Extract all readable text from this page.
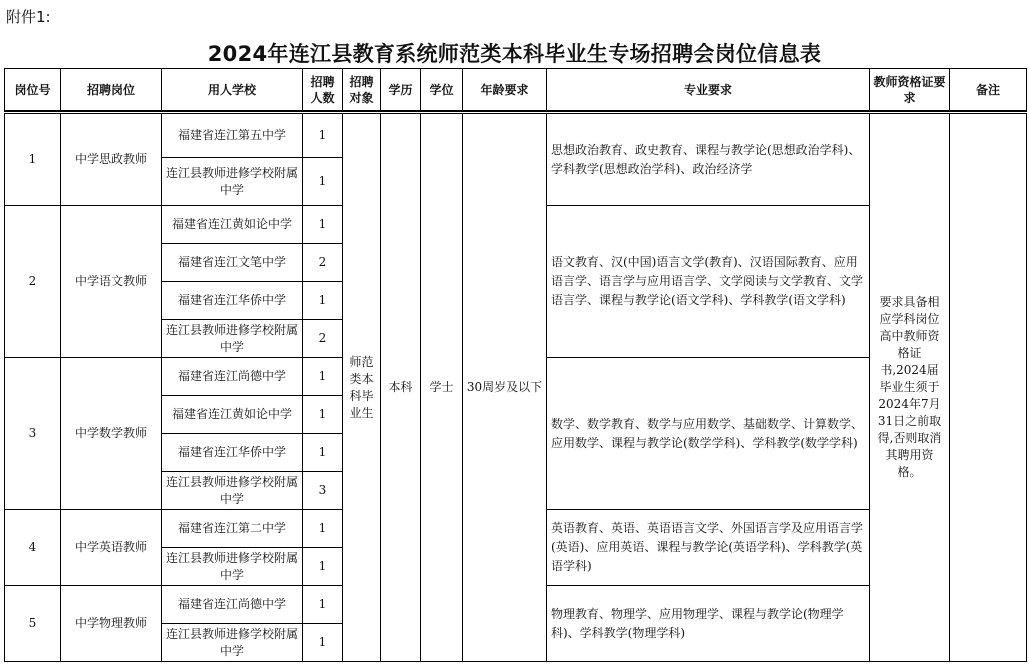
附件1:
2024年连江县教育系统师范类本科毕业生专场招聘会岗位信息表
岗位号	招聘岗位	用人学校	招聘人数	招聘对象	学历	学位	年龄要求	专业要求	教师资格证要求	备注

1	中学思政教师	福建省连江第五中学	1	师范类本科毕业生	本科	学士	30周岁及以下	思想政治教育、政史教育、课程与教学论(思想政治学科)、学科教学(思想政治学科)、政治经济学	要求具备相应学科岗位高中教师资格证书,2024届毕业生须于2024年7月31日之前取得,否则取消其聘用资格。	
		连江县教师进修学校附属中学	1							
2	中学语文教师	福建省连江黄如论中学	1					语文教育、汉(中国)语言文学(教育)、汉语国际教育、应用语言学、语言学与应用语言学、文学阅读与文学教育、文学语言学、课程与教学论(语文学科)、学科教学(语文学科)		
		福建省连江文笔中学	2							
		福建省连江华侨中学	1							
		连江县教师进修学校附属中学	2							
3	中学数学教师	福建省连江尚德中学	1					数学、数学教育、数学与应用数学、基础数学、计算数学、应用数学、课程与教学论(数学学科)、学科教学(数学学科)		
		福建省连江黄如论中学	1							
		福建省连江华侨中学	1							
		连江县教师进修学校附属中学	3							
4	中学英语教师	福建省连江第二中学	1					英语教育、英语、英语语言文学、外国语言学及应用语言学(英语)、应用英语、课程与教学论(英语学科)、学科教学(英语学科)		
		连江县教师进修学校附属中学	1							
5	中学物理教师	福建省连江尚德中学	1					物理教育、物理学、应用物理学、课程与教学论(物理学科)、学科教学(物理学科)		
		连江县教师进修学校附属中学	1							
